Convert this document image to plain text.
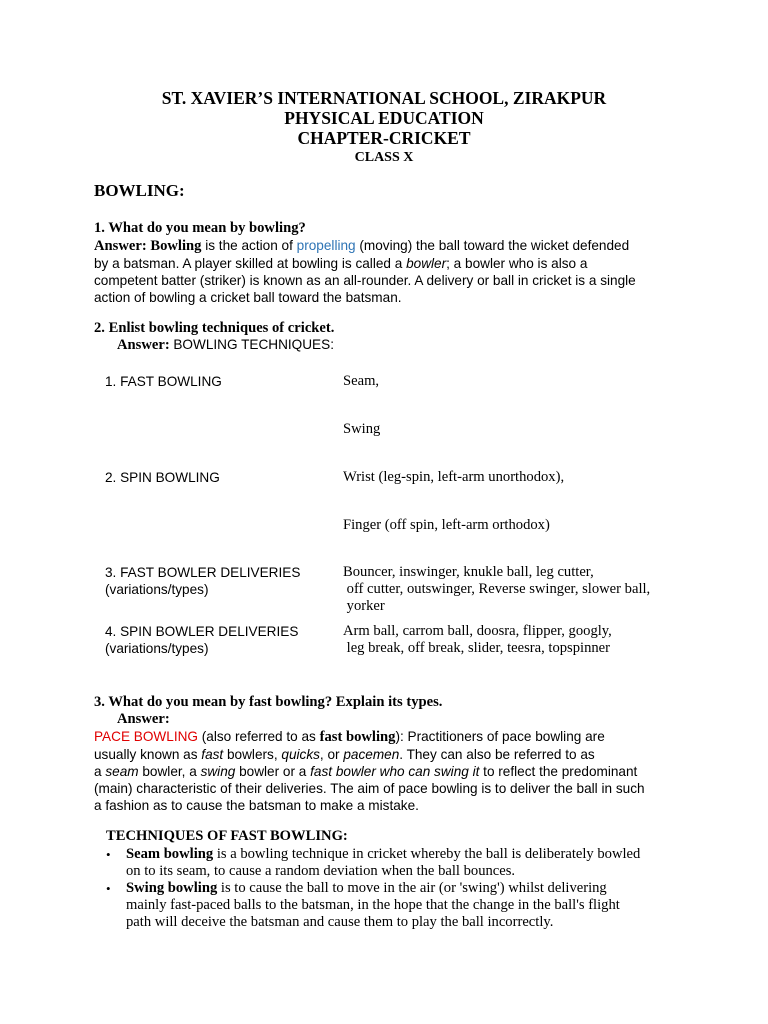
ST. XAVIER’S INTERNATIONAL SCHOOL, ZIRAKPUR
PHYSICAL EDUCATION
CHAPTER-CRICKET
CLASS X
BOWLING:
1. What do you mean by bowling?
Answer: Bowling is the action of propelling (moving) the ball toward the wicket defended
by a batsman. A player skilled at bowling is called a bowler; a bowler who is also a
competent batter (striker) is known as an all-rounder. A delivery or ball in cricket is a single
action of bowling a cricket ball toward the batsman.
2. Enlist bowling techniques of cricket.
Answer: BOWLING TECHNIQUES:
1. FAST BOWLING	Seam,
Swing
2. SPIN BOWLING	Wrist (leg-spin, left-arm unorthodox),
Finger (off spin, left-arm orthodox)
3. FAST BOWLER DELIVERIES
(variations/types)
Bouncer, inswinger, knukle ball, leg cutter,
off cutter, outswinger, Reverse swinger, slower ball,
yorker
4. SPIN BOWLER DELIVERIES
(variations/types)
Arm ball, carrom ball, doosra, flipper, googly,
leg break, off break, slider, teesra, topspinner
3. What do you mean by fast bowling? Explain its types.
Answer:
PACE BOWLING (also referred to as fast bowling): Practitioners of pace bowling are
usually known as fast bowlers, quicks, or pacemen. They can also be referred to as
a seam bowler, a swing bowler or a fast bowler who can swing it to reflect the predominant
(main) characteristic of their deliveries. The aim of pace bowling is to deliver the ball in such
a fashion as to cause the batsman to make a mistake.
TECHNIQUES OF FAST BOWLING:
• Seam bowling is a bowling technique in cricket whereby the ball is deliberately bowled
on to its seam, to cause a random deviation when the ball bounces.
• Swing bowling is to cause the ball to move in the air (or 'swing') whilst delivering
mainly fast-paced balls to the batsman, in the hope that the change in the ball's flight
path will deceive the batsman and cause them to play the ball incorrectly.
